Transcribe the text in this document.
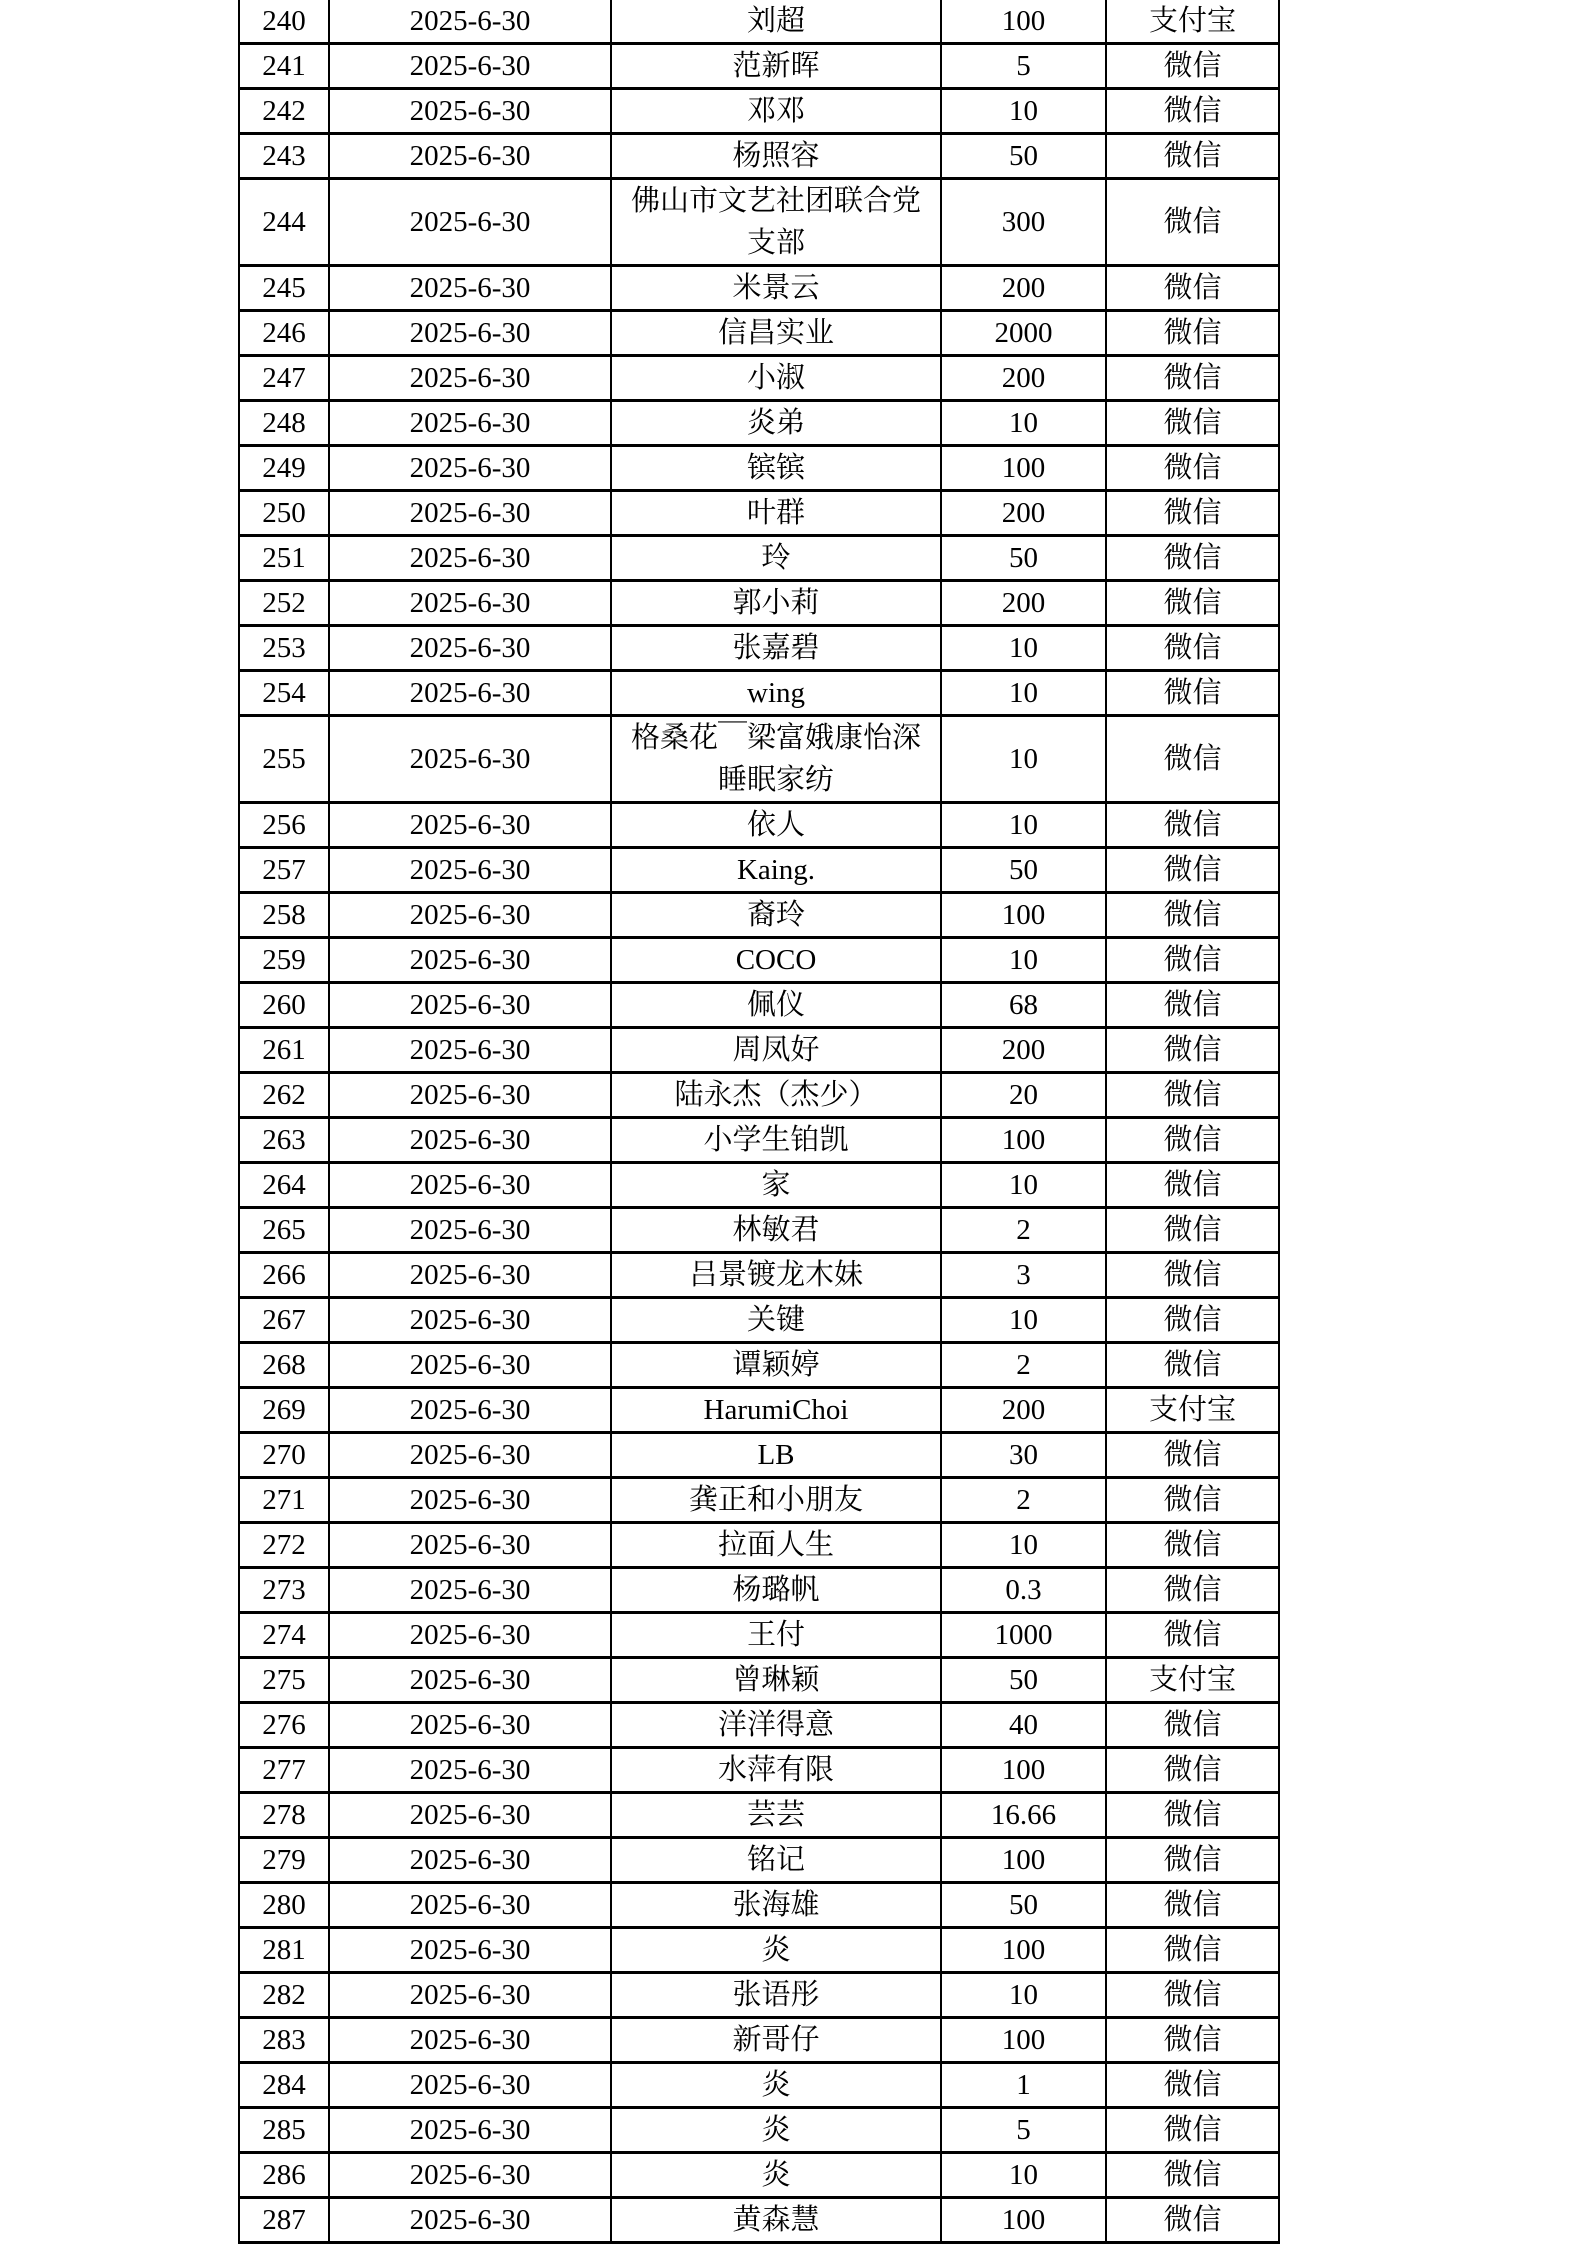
240	2025-6-30	刘超	100	支付宝
241	2025-6-30	范新晖	5	微信
242	2025-6-30	邓邓	10	微信
243	2025-6-30	杨照容	50	微信
244	2025-6-30	佛山市文艺社团联合党支部	300	微信
245	2025-6-30	米景云	200	微信
246	2025-6-30	信昌实业	2000	微信
247	2025-6-30	小淑	200	微信
248	2025-6-30	炎弟	10	微信
249	2025-6-30	镔镔	100	微信
250	2025-6-30	叶群	200	微信
251	2025-6-30	玲	50	微信
252	2025-6-30	郭小莉	200	微信
253	2025-6-30	张嘉碧	10	微信
254	2025-6-30	wing	10	微信
255	2025-6-30	格桑花￣梁富娥康怡深睡眠家纺	10	微信
256	2025-6-30	依人	10	微信
257	2025-6-30	Kaing.	50	微信
258	2025-6-30	裔玲	100	微信
259	2025-6-30	COCO	10	微信
260	2025-6-30	佩仪	68	微信
261	2025-6-30	周凤好	200	微信
262	2025-6-30	陆永杰（杰少）	20	微信
263	2025-6-30	小学生铂凯	100	微信
264	2025-6-30	家	10	微信
265	2025-6-30	林敏君	2	微信
266	2025-6-30	吕景镀龙木妹	3	微信
267	2025-6-30	关键	10	微信
268	2025-6-30	谭颖婷	2	微信
269	2025-6-30	HarumiChoi	200	支付宝
270	2025-6-30	LB	30	微信
271	2025-6-30	龚正和小朋友	2	微信
272	2025-6-30	拉面人生	10	微信
273	2025-6-30	杨璐帆	0.3	微信
274	2025-6-30	王付	1000	微信
275	2025-6-30	曾琳颖	50	支付宝
276	2025-6-30	洋洋得意	40	微信
277	2025-6-30	水萍有限	100	微信
278	2025-6-30	芸芸	16.66	微信
279	2025-6-30	铭记	100	微信
280	2025-6-30	张海雄	50	微信
281	2025-6-30	炎	100	微信
282	2025-6-30	张语彤	10	微信
283	2025-6-30	新哥仔	100	微信
284	2025-6-30	炎	1	微信
285	2025-6-30	炎	5	微信
286	2025-6-30	炎	10	微信
287	2025-6-30	黄森慧	100	微信
